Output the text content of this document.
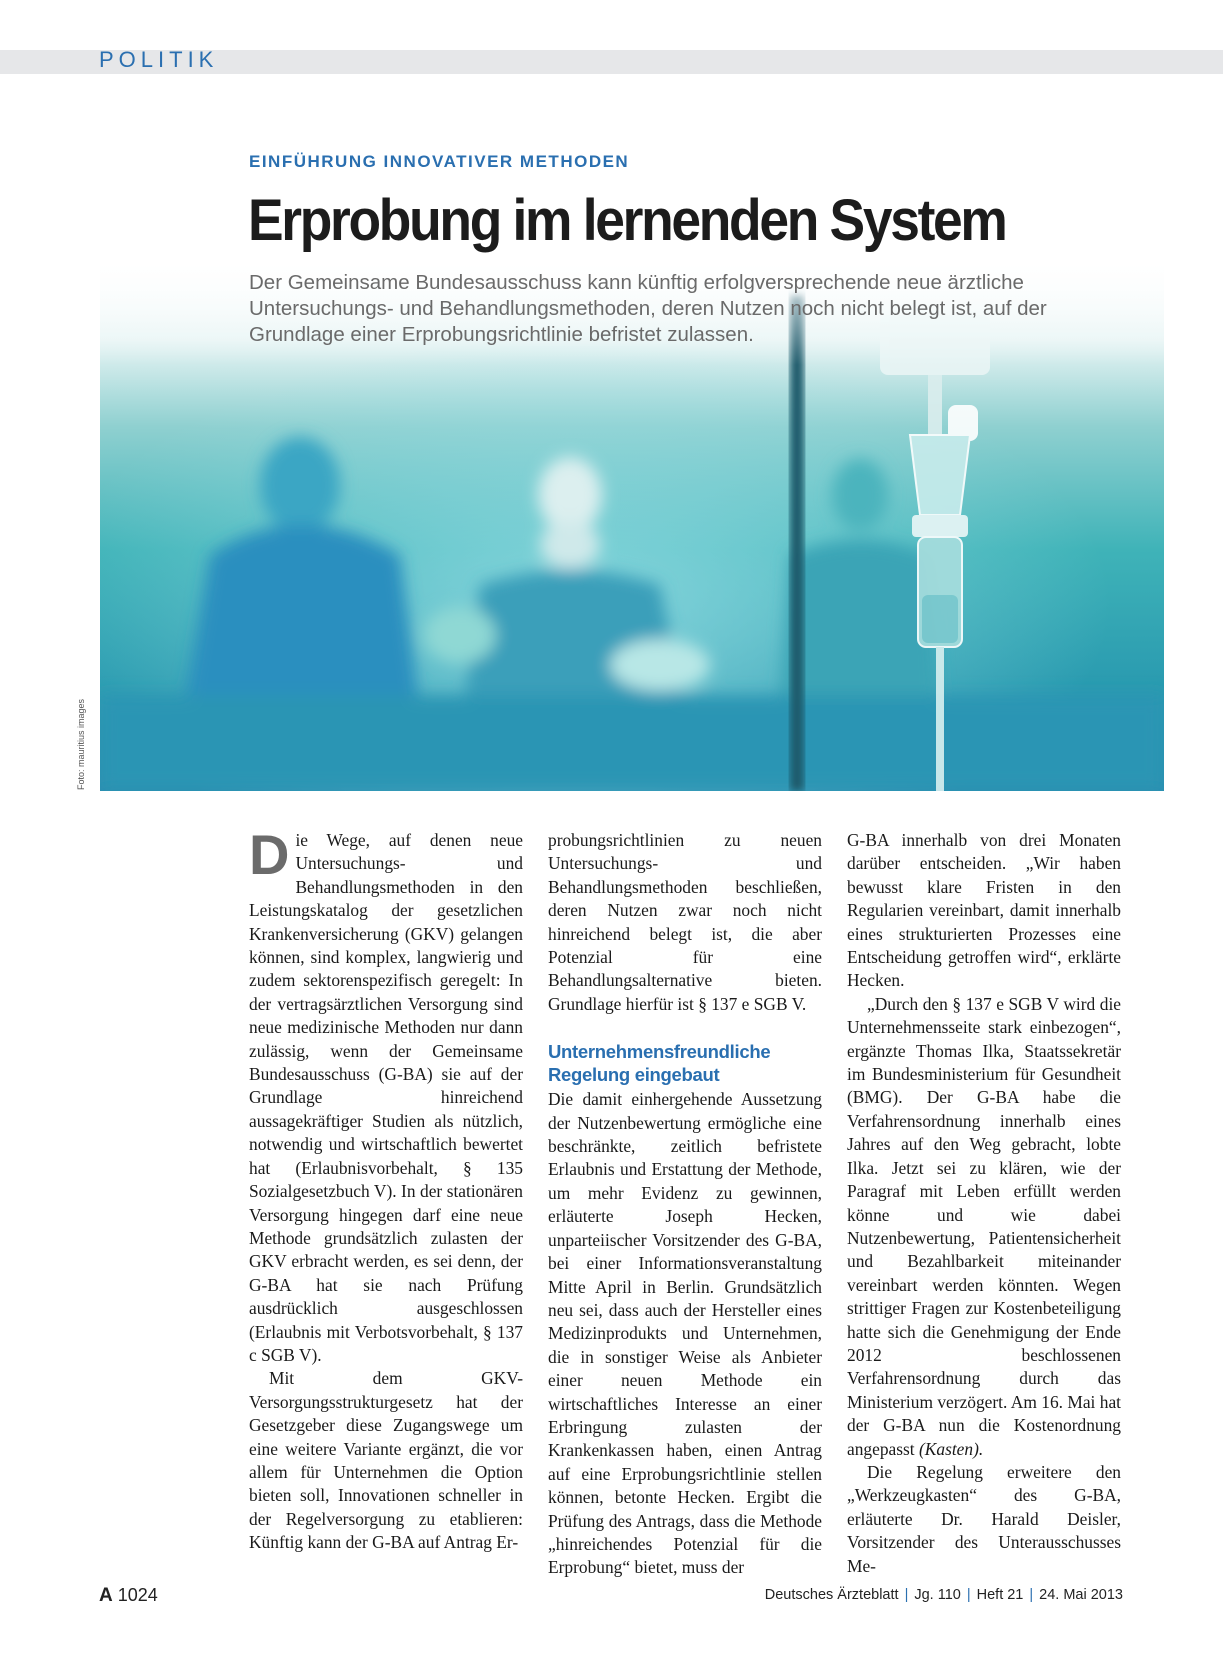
POLITIK
EINFÜHRUNG INNOVATIVER METHODEN
Erprobung im lernenden System
Der Gemeinsame Bundesausschuss kann künftig erfolgversprechende neue ärztliche Untersuchungs- und Behandlungsmethoden, deren Nutzen noch nicht belegt ist, auf der Grundlage einer Erprobungsrichtlinie befristet zulassen.
Foto: mauritius images

Die Wege, auf denen neue Untersuchungs- und Behandlungsmethoden in den Leistungskatalog der gesetzlichen Krankenversicherung (GKV) gelangen können, sind komplex, langwierig und zudem sektorenspezifisch geregelt: In der vertragsärztlichen Versorgung sind neue medizinische Methoden nur dann zulässig, wenn der Gemeinsame Bundesausschuss (G-BA) sie auf der Grundlage hinreichend aussagekräftiger Studien als nützlich, notwendig und wirtschaftlich bewertet hat (Erlaubnisvorbehalt, § 135 Sozialgesetzbuch V). In der stationären Versorgung hingegen darf eine neue Methode grundsätzlich zulasten der GKV erbracht werden, es sei denn, der G-BA hat sie nach Prüfung ausdrücklich ausgeschlossen (Erlaubnis mit Verbotsvorbehalt, § 137 c SGB V).

Mit dem GKV-Versorgungsstrukturgesetz hat der Gesetzgeber diese Zugangswege um eine weitere Variante ergänzt, die vor allem für Unternehmen die Option bieten soll, Innovationen schneller in der Regelversorgung zu etablieren: Künftig kann der G-BA auf Antrag Er-

probungsrichtlinien zu neuen Untersuchungs- und Behandlungsmethoden beschließen, deren Nutzen zwar noch nicht hinreichend belegt ist, die aber Potenzial für eine Behandlungsalternative bieten. Grundlage hierfür ist § 137 e SGB V.

Unternehmensfreundliche Regelung eingebaut

Die damit einhergehende Aussetzung der Nutzenbewertung ermögliche eine beschränkte, zeitlich befristete Erlaubnis und Erstattung der Methode, um mehr Evidenz zu gewinnen, erläuterte Joseph Hecken, unparteiischer Vorsitzender des G-BA, bei einer Informationsveranstaltung Mitte April in Berlin. Grundsätzlich neu sei, dass auch der Hersteller eines Medizinprodukts und Unternehmen, die in sonstiger Weise als Anbieter einer neuen Methode ein wirtschaftliches Interesse an einer Erbringung zulasten der Krankenkassen haben, einen Antrag auf eine Erprobungsrichtlinie stellen können, betonte Hecken. Ergibt die Prüfung des Antrags, dass die Methode „hinreichendes Potenzial für die Erprobung“ bietet, muss der

G-BA innerhalb von drei Monaten darüber entscheiden. „Wir haben bewusst klare Fristen in den Regularien vereinbart, damit innerhalb eines strukturierten Prozesses eine Entscheidung getroffen wird“, erklärte Hecken.

„Durch den § 137 e SGB V wird die Unternehmensseite stark einbezogen“, ergänzte Thomas Ilka, Staatssekretär im Bundesministerium für Gesundheit (BMG). Der G-BA habe die Verfahrensordnung innerhalb eines Jahres auf den Weg gebracht, lobte Ilka. Jetzt sei zu klären, wie der Paragraf mit Leben erfüllt werden könne und wie dabei Nutzenbewertung, Patientensicherheit und Bezahlbarkeit miteinander vereinbart werden könnten. Wegen strittiger Fragen zur Kostenbeteiligung hatte sich die Genehmigung der Ende 2012 beschlossenen Verfahrensordnung durch das Ministerium verzögert. Am 16. Mai hat der G-BA nun die Kostenordnung angepasst (Kasten).

Die Regelung erweitere den „Werkzeugkasten“ des G-BA, erläuterte Dr. Harald Deisler, Vorsitzender des Unterausschusses Me-

A 1024	Deutsches Ärzteblatt | Jg. 110 | Heft 21 | 24. Mai 2013
